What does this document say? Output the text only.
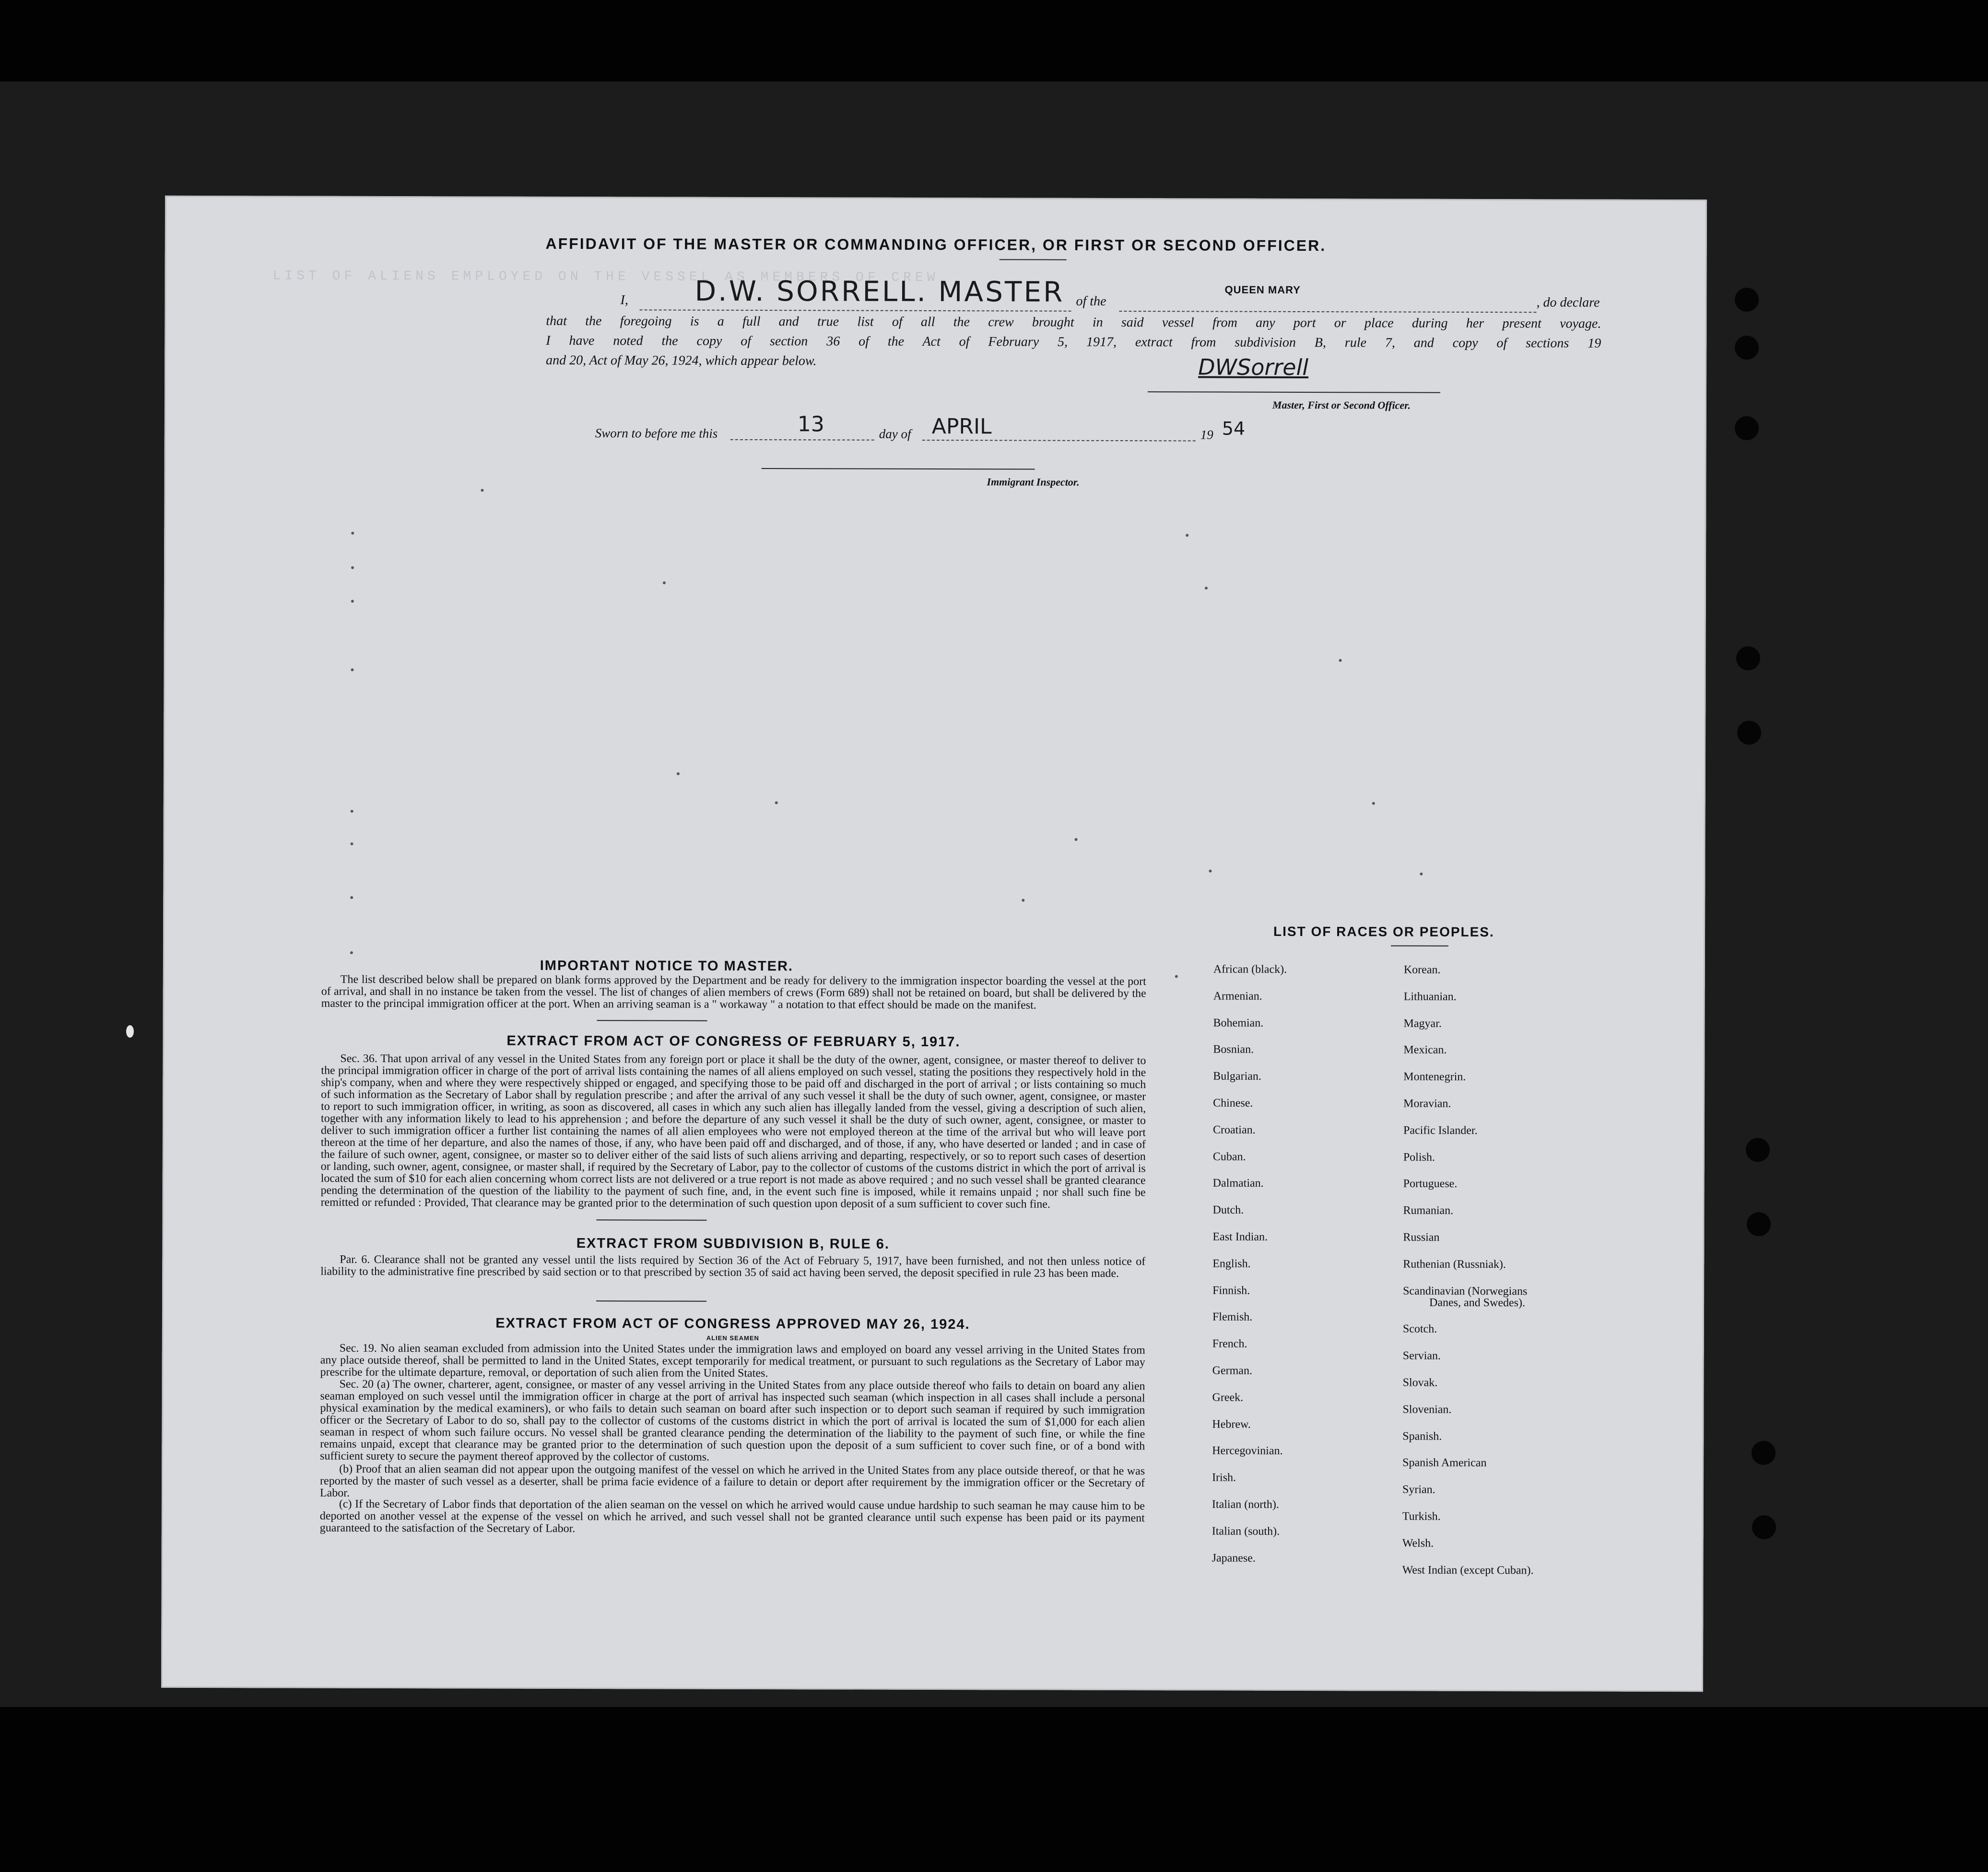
LIST OF ALIENS EMPLOYED ON THE VESSEL AS MEMBERS OF CREW
AFFIDAVIT OF THE MASTER OR COMMANDING OFFICER, OR FIRST OR SECOND OFFICER.
I, D.W. SORRELL. MASTER of the
QUEEN MARY
, do declare
that the foregoing is a full and true list of all the crew brought in said vessel from any port or place during her present voyage.
I have noted the copy of section 36 of the Act of February 5, 1917, extract from subdivision B, rule 7, and copy of sections 19
and 20, Act of May 26, 1924, which appear below.	DWSorrell
Master, First or Second Officer.
Sworn to before me this	13	day of APRIL	19 54
Immigrant Inspector.
IMPORTANT NOTICE TO MASTER.
The list described below shall be prepared on blank forms approved by the Department and be ready for delivery to the immigration inspector boarding the vessel at the port of arrival, and shall in no instance be taken from the vessel. The list of changes of alien members of crews (Form 689) shall not be retained on board, but shall be delivered by the master to the principal immigration officer at the port. When an arriving seaman is a " workaway " a notation to that effect should be made on the manifest.
EXTRACT FROM ACT OF CONGRESS OF FEBRUARY 5, 1917.
Sec. 36. That upon arrival of any vessel in the United States from any foreign port or place it shall be the duty of the owner, agent, consignee, or master thereof to deliver to the principal immigration officer in charge of the port of arrival lists containing the names of all aliens employed on such vessel, stating the positions they respectively hold in the ship's company, when and where they were respectively shipped or engaged, and specifying those to be paid off and discharged in the port of arrival ; or lists containing so much of such information as the Secretary of Labor shall by regulation prescribe ; and after the arrival of any such vessel it shall be the duty of such owner, agent, consignee, or master to report to such immigration officer, in writing, as soon as discovered, all cases in which any such alien has illegally landed from the vessel, giving a description of such alien, together with any information likely to lead to his apprehension ; and before the departure of any such vessel it shall be the duty of such owner, agent, consignee, or master to deliver to such immigration officer a further list containing the names of all alien employees who were not employed thereon at the time of the arrival but who will leave port thereon at the time of her departure, and also the names of those, if any, who have been paid off and discharged, and of those, if any, who have deserted or landed ; and in case of the failure of such owner, agent, consignee, or master so to deliver either of the said lists of such aliens arriving and departing, respectively, or so to report such cases of desertion or landing, such owner, agent, consignee, or master shall, if required by the Secretary of Labor, pay to the collector of customs of the customs district in which the port of arrival is located the sum of $10 for each alien concerning whom correct lists are not delivered or a true report is not made as above required ; and no such vessel shall be granted clearance pending the determination of the question of the liability to the payment of such fine, and, in the event such fine is imposed, while it remains unpaid ; nor shall such fine be remitted or refunded : Provided, That clearance may be granted prior to the determination of such question upon deposit of a sum sufficient to cover such fine.
EXTRACT FROM SUBDIVISION B, RULE 6.
Par. 6. Clearance shall not be granted any vessel until the lists required by Section 36 of the Act of February 5, 1917, have been furnished, and not then unless notice of liability to the administrative fine prescribed by said section or to that prescribed by section 35 of said act having been served, the deposit specified in rule 23 has been made.
EXTRACT FROM ACT OF CONGRESS APPROVED MAY 26, 1924.
ALIEN SEAMEN
Sec. 19. No alien seaman excluded from admission into the United States under the immigration laws and employed on board any vessel arriving in the United States from any place outside thereof, shall be permitted to land in the United States, except temporarily for medical treatment, or pursuant to such regulations as the Secretary of Labor may prescribe for the ultimate departure, removal, or deportation of such alien from the United States.
Sec. 20 (a) The owner, charterer, agent, consignee, or master of any vessel arriving in the United States from any place outside thereof who fails to detain on board any alien seaman employed on such vessel until the immigration officer in charge at the port of arrival has inspected such seaman (which inspection in all cases shall include a personal physical examination by the medical examiners), or who fails to detain such seaman on board after such inspection or to deport such seaman if required by such immigration officer or the Secretary of Labor to do so, shall pay to the collector of customs of the customs district in which the port of arrival is located the sum of $1,000 for each alien seaman in respect of whom such failure occurs. No vessel shall be granted clearance pending the determination of the liability to the payment of such fine, or while the fine remains unpaid, except that clearance may be granted prior to the determination of such question upon the deposit of a sum sufficient to cover such fine, or of a bond with sufficient surety to secure the payment thereof approved by the collector of customs.
(b) Proof that an alien seaman did not appear upon the outgoing manifest of the vessel on which he arrived in the United States from any place outside thereof, or that he was reported by the master of such vessel as a deserter, shall be prima facie evidence of a failure to detain or deport after requirement by the immigration officer or the Secretary of Labor.
(c) If the Secretary of Labor finds that deportation of the alien seaman on the vessel on which he arrived would cause undue hardship to such seaman he may cause him to be deported on another vessel at the expense of the vessel on which he arrived, and such vessel shall not be granted clearance until such expense has been paid or its payment guaranteed to the satisfaction of the Secretary of Labor.
LIST OF RACES OR PEOPLES.
African (black).
Armenian.
Bohemian.
Bosnian.
Bulgarian.
Chinese.
Croatian.
Cuban.
Dalmatian.
Dutch.
East Indian.
English.
Finnish.
Flemish.
French.
German.
Greek.
Hebrew.
Hercegovinian.
Irish.
Italian (north).
Italian (south).
Japanese.
Korean.
Lithuanian.
Magyar.
Mexican.
Montenegrin.
Moravian.
Pacific Islander.
Polish.
Portuguese.
Rumanian.
Russian
Ruthenian (Russniak).
Scandinavian (Norwegians
Danes, and Swedes).
Scotch.
Servian.
Slovak.
Slovenian.
Spanish.
Spanish American
Syrian.
Turkish.
Welsh.
West Indian (except Cuban).
